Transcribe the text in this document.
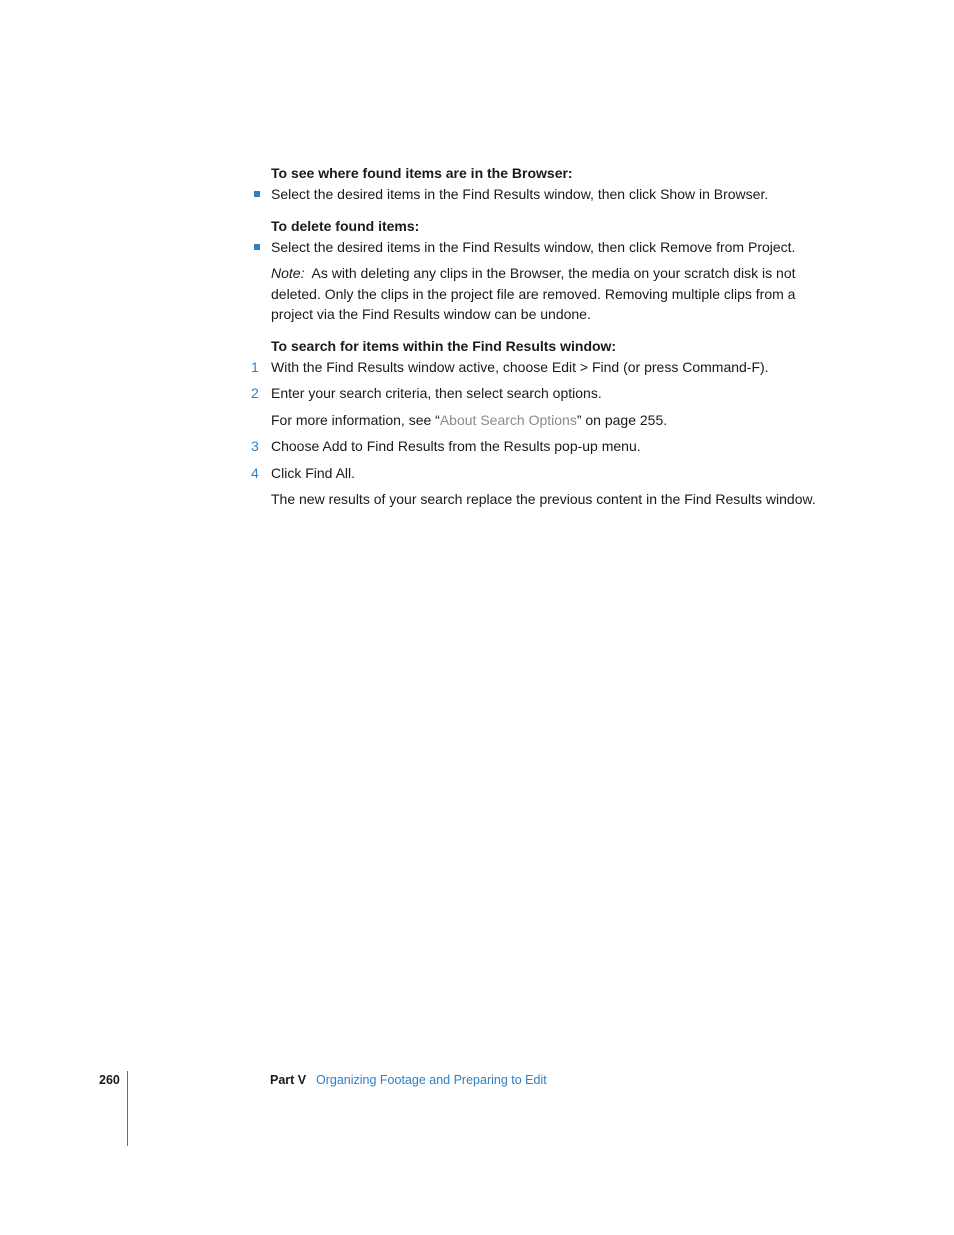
To see where found items are in the Browser:

Select the desired items in the Find Results window, then click Show in Browser.

To delete found items:

Select the desired items in the Find Results window, then click Remove from Project.

Note: As with deleting any clips in the Browser, the media on your scratch disk is not deleted. Only the clips in the project file are removed. Removing multiple clips from a project via the Find Results window can be undone.

To search for items within the Find Results window:

1 With the Find Results window active, choose Edit > Find (or press Command-F).

2 Enter your search criteria, then select search options.

For more information, see “About Search Options” on page 255.

3 Choose Add to Find Results from the Results pop-up menu.

4 Click Find All.

The new results of your search replace the previous content in the Find Results window.

260	Part V Organizing Footage and Preparing to Edit
